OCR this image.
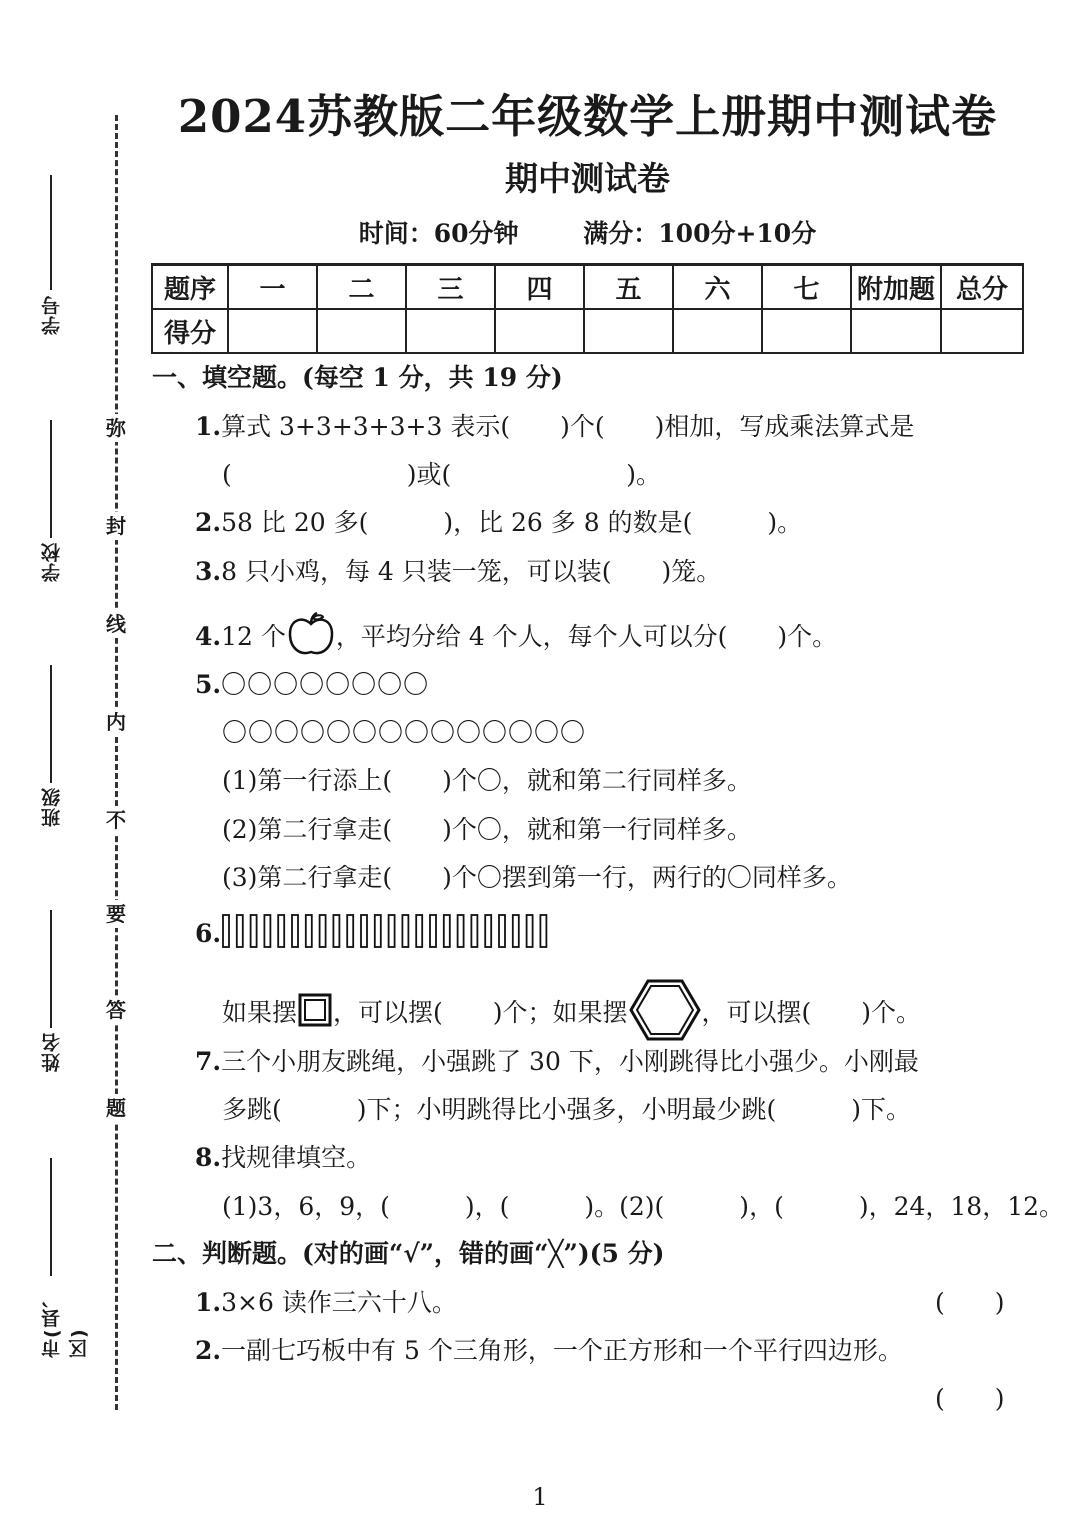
学号
学校
班级
姓名
市(县、区)
弥
封
线
内
不
要
答
题
2024苏教版二年级数学上册期中测试卷
期中测试卷
时间：60分钟	满分：100分+10分
题序	一	二	三	四	五	六	七	附加题	总分
得分									
一、填空题。(每空 1 分，共 19 分)
1.算式 3+3+3+3+3 表示(　　)个(　　)相加，写成乘法算式是
(　　　　　　　)或(　　　　　　　)。
2.58 比 20 多(　　　)，比 26 多 8 的数是(　　　)。
3.8 只小鸡，每 4 只装一笼，可以装(　　)笼。
4.12 个 ，平均分给 4 个人，每个人可以分(　　)个。
5.〇〇〇〇〇〇〇〇
〇〇〇〇〇〇〇〇〇〇〇〇〇〇
(1)第一行添上(　　)个〇，就和第二行同样多。
(2)第二行拿走(　　)个〇，就和第一行同样多。
(3)第二行拿走(　　)个〇摆到第一行，两行的〇同样多。
6.
如果摆 ，可以摆(　　)个；如果摆	，可以摆(　　)个。
7.三个小朋友跳绳，小强跳了 30 下，小刚跳得比小强少。小刚最
多跳(　　　)下；小明跳得比小强多，小明最少跳(　　　)下。
8.找规律填空。
(1)3，6，9，(　　　)，(　　　)。(2)(　　　)，(　　　)，24，18，12。
二、判断题。(对的画“√”，错的画“╳”)(5 分)
1.3×6 读作三六十八。	(　　)
2.一副七巧板中有 5 个三角形，一个正方形和一个平行四边形。
(　　)
1
